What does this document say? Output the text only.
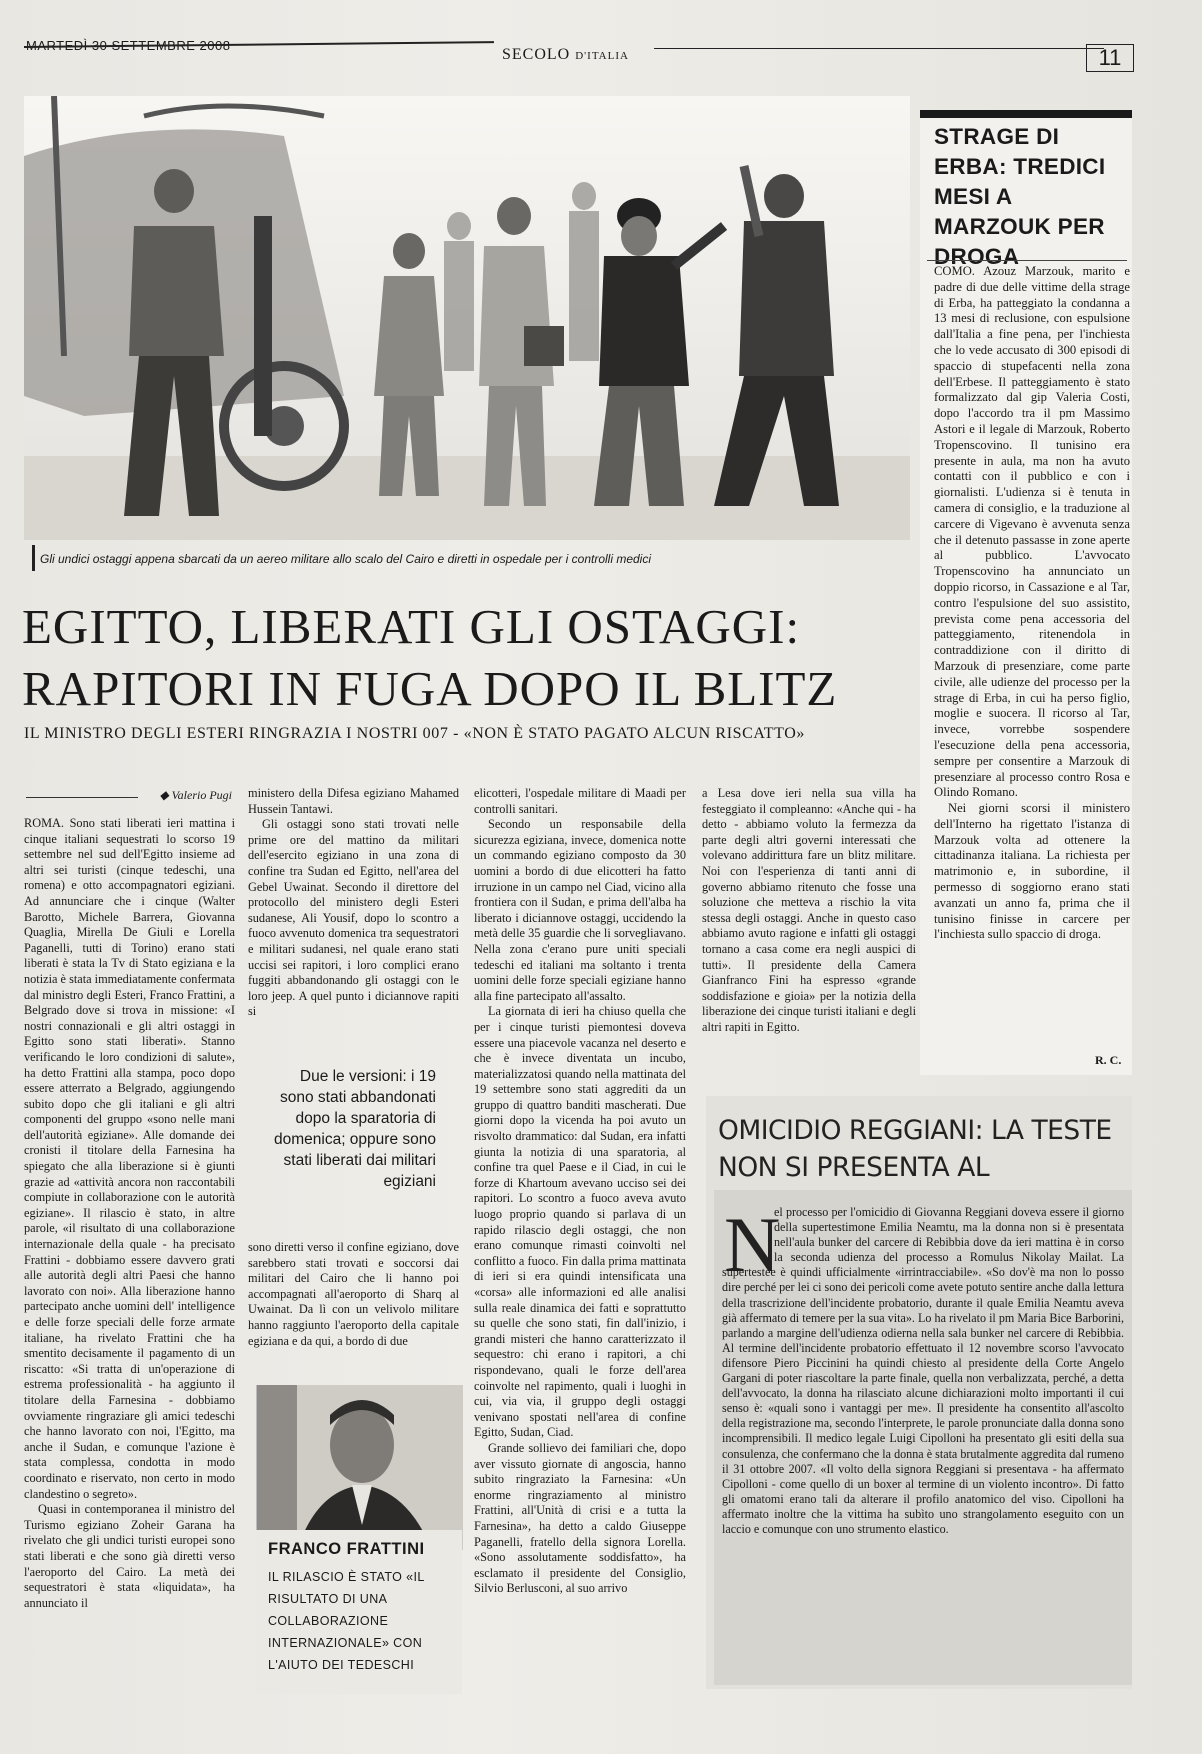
MARTEDÌ 30 SETTEMBRE 2008
SECOLO D'ITALIA	11
Gli undici ostaggi appena sbarcati da un aereo militare allo scalo del Cairo e diretti in ospedale per i controlli medici
EGITTO, LIBERATI GLI OSTAGGI:
RAPITORI IN FUGA DOPO IL BLITZ
IL MINISTRO DEGLI ESTERI RINGRAZIA I NOSTRI 007 - «NON È STATO PAGATO ALCUN RISCATTO»
◆ Valerio Pugi

ROMA. Sono stati liberati ieri mattina i cinque italiani sequestrati lo scorso 19 settembre nel sud dell'Egitto insieme ad altri sei turisti (cinque tedeschi, una romena) e otto accompagnatori egiziani. Ad annunciare che i cinque (Walter Barotto, Michele Barrera, Giovanna Quaglia, Mirella De Giuli e Lorella Paganelli, tutti di Torino) erano stati liberati è stata la Tv di Stato egiziana e la notizia è stata immediatamente confermata dal ministro degli Esteri, Franco Frattini, a Belgrado dove si trova in missione: «I nostri connazionali e gli altri ostaggi in Egitto sono stati liberati». Stanno verificando le loro condizioni di salute», ha detto Frattini alla stampa, poco dopo essere atterrato a Belgrado, aggiungendo subito dopo che gli italiani e gli altri componenti del gruppo «sono nelle mani dell'autorità egiziane». Alle domande dei cronisti il titolare della Farnesina ha spiegato che alla liberazione si è giunti grazie ad «attività ancora non raccontabili compiute in collaborazione con le autorità egiziane». Il rilascio è stato, in altre parole, «il risultato di una collaborazione internazionale della quale - ha precisato Frattini - dobbiamo essere davvero grati alle autorità degli altri Paesi che hanno lavorato con noi». Alla liberazione hanno partecipato anche uomini dell' intelligence e delle forze speciali delle forze armate italiane, ha rivelato Frattini che ha smentito decisamente il pagamento di un riscatto: «Si tratta di un'operazione di estrema professionalità - ha aggiunto il titolare della Farnesina - dobbiamo ovviamente ringraziare gli amici tedeschi che hanno lavorato con noi, l'Egitto, ma anche il Sudan, e comunque l'azione è stata complessa, condotta in modo coordinato e riservato, non certo in modo clandestino o segreto».

Quasi in contemporanea il ministro del Turismo egiziano Zoheir Garana ha rivelato che gli undici turisti europei sono stati liberati e che sono già diretti verso l'aeroporto del Cairo. La metà dei sequestratori è stata «liquidata», ha annunciato il

ministero della Difesa egiziano Mahamed Hussein Tantawi.

Gli ostaggi sono stati trovati nelle prime ore del mattino da militari dell'esercito egiziano in una zona di confine tra Sudan ed Egitto, nell'area del Gebel Uwainat. Secondo il direttore del protocollo del ministero degli Esteri sudanese, Ali Yousif, dopo lo scontro a fuoco avvenuto domenica tra sequestratori e militari sudanesi, nel quale erano stati uccisi sei rapitori, i loro complici erano fuggiti abbandonando gli ostaggi con le loro jeep. A quel punto i diciannove rapiti si

Due le versioni: i 19 sono stati abbandonati dopo la sparatoria di domenica; oppure sono stati liberati dai militari egiziani

sono diretti verso il confine egiziano, dove sarebbero stati trovati e soccorsi dai militari del Cairo che li hanno poi accompagnati all'aeroporto di Sharq al Uwainat. Da lì con un velivolo militare hanno raggiunto l'aeroporto della capitale egiziana e da qui, a bordo di due

FRANCO FRATTINI
IL RILASCIO È STATO «IL RISULTATO DI UNA COLLABORAZIONE INTERNAZIONALE» CON L'AIUTO DEI TEDESCHI

elicotteri, l'ospedale militare di Maadi per controlli sanitari.

Secondo un responsabile della sicurezza egiziana, invece, domenica notte un commando egiziano composto da 30 uomini a bordo di due elicotteri ha fatto irruzione in un campo nel Ciad, vicino alla frontiera con il Sudan, e prima dell'alba ha liberato i diciannove ostaggi, uccidendo la metà delle 35 guardie che li sorvegliavano. Nella zona c'erano pure uniti speciali tedeschi ed italiani ma soltanto i trenta uomini delle forze speciali egiziane hanno alla fine partecipato all'assalto.

La giornata di ieri ha chiuso quella che per i cinque turisti piemontesi doveva essere una piacevole vacanza nel deserto e che è invece diventata un incubo, materializzatosi quando nella mattinata del 19 settembre sono stati aggrediti da un gruppo di quattro banditi mascherati. Due giorni dopo la vicenda ha poi avuto un risvolto drammatico: dal Sudan, era infatti giunta la notizia di una sparatoria, al confine tra quel Paese e il Ciad, in cui le forze di Khartoum avevano ucciso sei dei rapitori. Lo scontro a fuoco aveva avuto luogo proprio quando si parlava di un rapido rilascio degli ostaggi, che non erano comunque rimasti coinvolti nel conflitto a fuoco. Fin dalla prima mattinata di ieri si era quindi intensificata una «corsa» alle informazioni ed alle analisi sulla reale dinamica dei fatti e soprattutto su quelle che sono stati, fin dall'inizio, i grandi misteri che hanno caratterizzato il sequestro: chi erano i rapitori, a chi rispondevano, quali le forze dell'area coinvolte nel rapimento, quali i luoghi in cui, via via, il gruppo degli ostaggi venivano spostati nell'area di confine Egitto, Sudan, Ciad.

Grande sollievo dei familiari che, dopo aver vissuto giornate di angoscia, hanno subito ringraziato la Farnesina: «Un enorme ringraziamento al ministro Frattini, all'Unità di crisi e a tutta la Farnesina», ha detto a caldo Giuseppe Paganelli, fratello della signora Lorella. «Sono assolutamente soddisfatto», ha esclamato il presidente del Consiglio, Silvio Berlusconi, al suo arrivo

a Lesa dove ieri nella sua villa ha festeggiato il compleanno: «Anche qui - ha detto - abbiamo voluto la fermezza da parte degli altri governi interessati che volevano addirittura fare un blitz militare. Noi con l'esperienza di tanti anni di governo abbiamo ritenuto che fosse una soluzione che metteva a rischio la vita stessa degli ostaggi. Anche in questo caso abbiamo avuto ragione e infatti gli ostaggi tornano a casa come era negli auspici di tutti». Il presidente della Camera Gianfranco Fini ha espresso «grande soddisfazione e gioia» per la notizia della liberazione dei cinque turisti italiani e degli altri rapiti in Egitto.

STRAGE DI ERBA: TREDICI MESI A MARZOUK PER DROGA

COMO. Azouz Marzouk, marito e padre di due delle vittime della strage di Erba, ha patteggiato la condanna a 13 mesi di reclusione, con espulsione dall'Italia a fine pena, per l'inchiesta che lo vede accusato di 300 episodi di spaccio di stupefacenti nella zona dell'Erbese. Il patteggiamento è stato formalizzato dal gip Valeria Costi, dopo l'accordo tra il pm Massimo Astori e il legale di Marzouk, Roberto Tropenscovino. Il tunisino era presente in aula, ma non ha avuto contatti con il pubblico e con i giornalisti. L'udienza si è tenuta in camera di consiglio, e la traduzione al carcere di Vigevano è avvenuta senza che il detenuto passasse in zone aperte al pubblico. L'avvocato Tropenscovino ha annunciato un doppio ricorso, in Cassazione e al Tar, contro l'espulsione del suo assistito, prevista come pena accessoria del patteggiamento, ritenendola in contraddizione con il diritto di Marzouk di presenziare, come parte civile, alle udienze del processo per la strage di Erba, in cui ha perso figlio, moglie e suocera. Il ricorso al Tar, invece, vorrebbe sospendere l'esecuzione della pena accessoria, sempre per consentire a Marzouk di presenziare al processo contro Rosa e Olindo Romano.

Nei giorni scorsi il ministero dell'Interno ha rigettato l'istanza di Marzouk volta ad ottenere la cittadinanza italiana. La richiesta per matrimonio e, in subordine, il permesso di soggiorno erano stati avanzati un anno fa, prima che il tunisino finisse in carcere per l'inchiesta sullo spaccio di droga.

R. C.
OMICIDIO REGGIANI: LA TESTE NON SI PRESENTA AL
N

el processo per l'omicidio di Giovanna Reggiani doveva essere il giorno della supertestimone Emilia Neamtu, ma la donna non si è presentata nell'aula bunker del carcere di Rebibbia dove da ieri mattina è in corso la seconda udienza del processo a Romulus Nikolay Mailat. La supertestee è quindi ufficialmente «irrintracciabile». «So dov'è ma non lo posso dire perché per lei ci sono dei pericoli come avete potuto sentire anche dalla lettura della trascrizione dell'incidente probatorio, durante il quale Emilia Neamtu aveva già affermato di temere per la sua vita». Lo ha rivelato il pm Maria Bice Barborini, parlando a margine dell'udienza odierna nella sala bunker nel carcere di Rebibbia. Al termine dell'incidente probatorio effettuato il 12 novembre scorso l'avvocato difensore Piero Piccinini ha quindi chiesto al presidente della Corte Angelo Gargani di poter riascoltare la parte finale, quella non verbalizzata, perché, a detta dell'avvocato, la donna ha rilasciato alcune dichiarazioni molto importanti il cui senso è: «quali sono i vantaggi per me». Il presidente ha consentito all'ascolto della registrazione ma, secondo l'interprete, le parole pronunciate dalla donna sono incomprensibili. Il medico legale Luigi Cipolloni ha presentato gli esiti della sua consulenza, che confermano che la donna è stata brutalmente aggredita dal rumeno il 31 ottobre 2007. «Il volto della signora Reggiani si presentava - ha affermato Cipolloni - come quello di un boxer al termine di un violento incontro». Di fatto gli omatomi erano tali da alterare il profilo anatomico del viso. Cipolloni ha affermato inoltre che la vittima ha subìto uno strangolamento eseguito con un laccio e comunque con uno strumento elastico.
